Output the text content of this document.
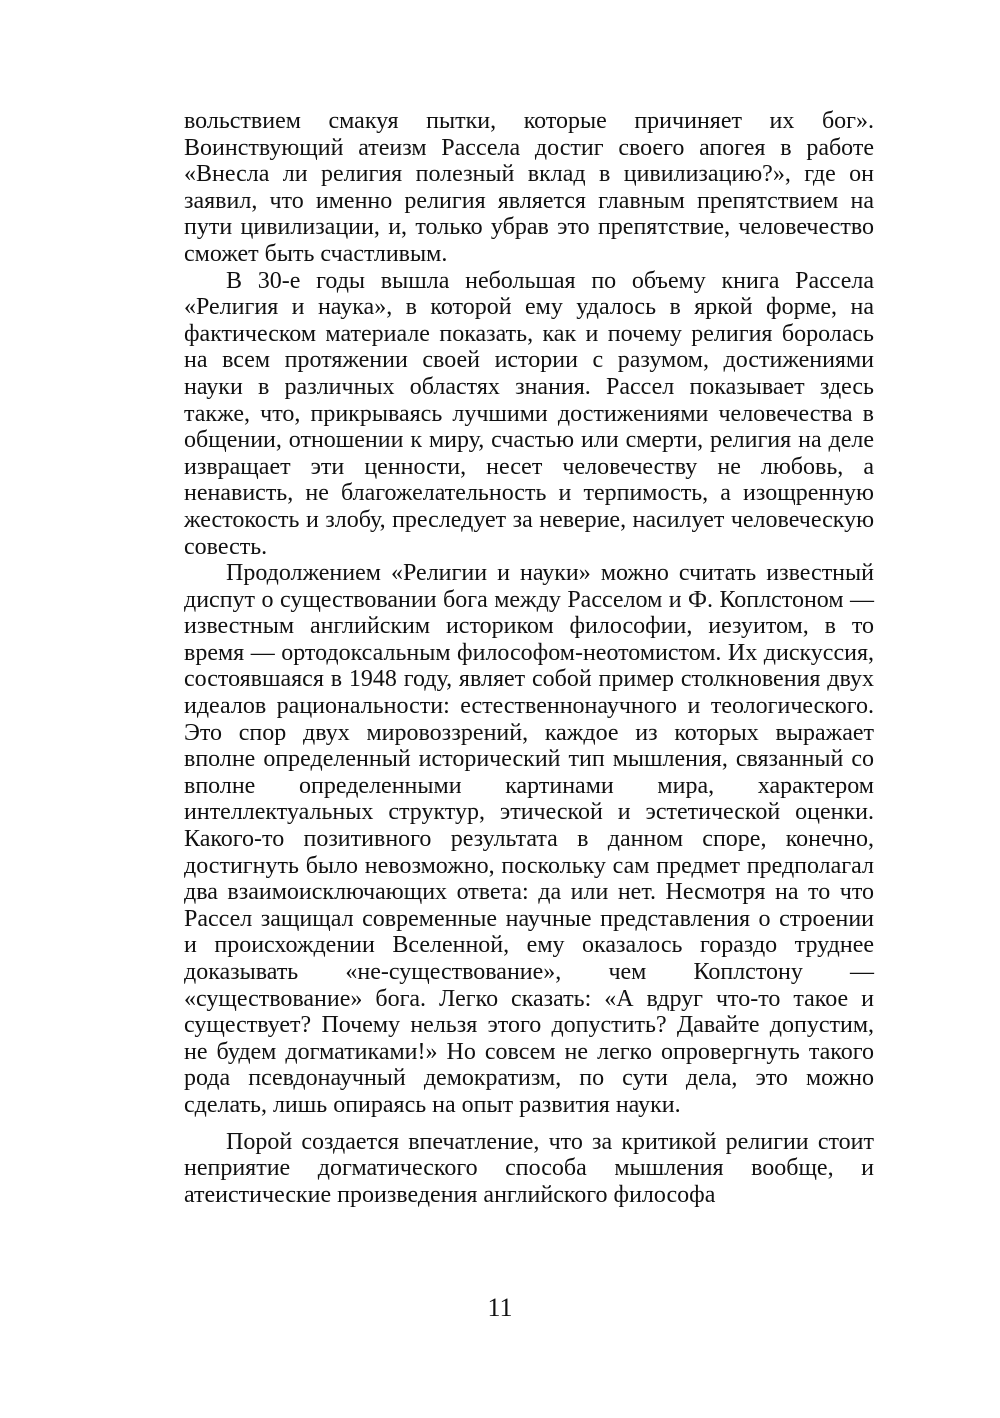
вольствием смакуя пытки, которые причиняет их бог». Воинствующий атеизм Рассела достиг своего апогея в работе «Внесла ли религия полезный вклад в цивилизацию?», где он заявил, что именно религия является главным препятствием на пути цивилизации, и, только убрав это препятствие, человечество сможет быть счастливым.

В 30-е годы вышла небольшая по объему книга Рассела «Религия и наука», в которой ему удалось в яркой форме, на фактическом материале показать, как и почему религия боролась на всем протяжении своей истории с разумом, достижениями науки в различных областях знания. Рассел показывает здесь также, что, прикрываясь лучшими достижениями человечества в общении, отношении к миру, счастью или смерти, религия на деле извращает эти ценности, несет человечеству не любовь, а ненависть, не благожелательность и терпимость, а изощренную жестокость и злобу, преследует за неверие, насилует человеческую совесть.

Продолжением «Религии и науки» можно считать известный диспут о существовании бога между Расселом и Ф. Коплстоном — известным английским историком философии, иезуитом, в то время — ортодоксальным философом-неотомистом. Их дискуссия, состоявшаяся в 1948 году, являет собой пример столкновения двух идеалов рациональности: естественнонаучного и теологического. Это спор двух мировоззрений, каждое из которых выражает вполне определенный исторический тип мышления, связанный со вполне определенными картинами мира, характером интеллектуальных структур, этической и эстетической оценки. Какого-то позитивного результата в данном споре, конечно, достигнуть было невозможно, поскольку сам предмет предполагал два взаимоисключающих ответа: да или нет. Несмотря на то что Рассел защищал современные научные представления о строении и происхождении Вселенной, ему оказалось гораздо труднее доказывать «не-существование», чем Коплстону — «существование» бога. Легко сказать: «А вдруг что-то такое и существует? Почему нельзя этого допустить? Давайте допустим, не будем догматиками!» Но совсем не легко опровергнуть такого рода псевдонаучный демократизм, по сути дела, это можно сделать, лишь опираясь на опыт развития науки.

Порой создается впечатление, что за критикой религии стоит неприятие догматического способа мышления вообще, и атеистические произведения английского философа

11
